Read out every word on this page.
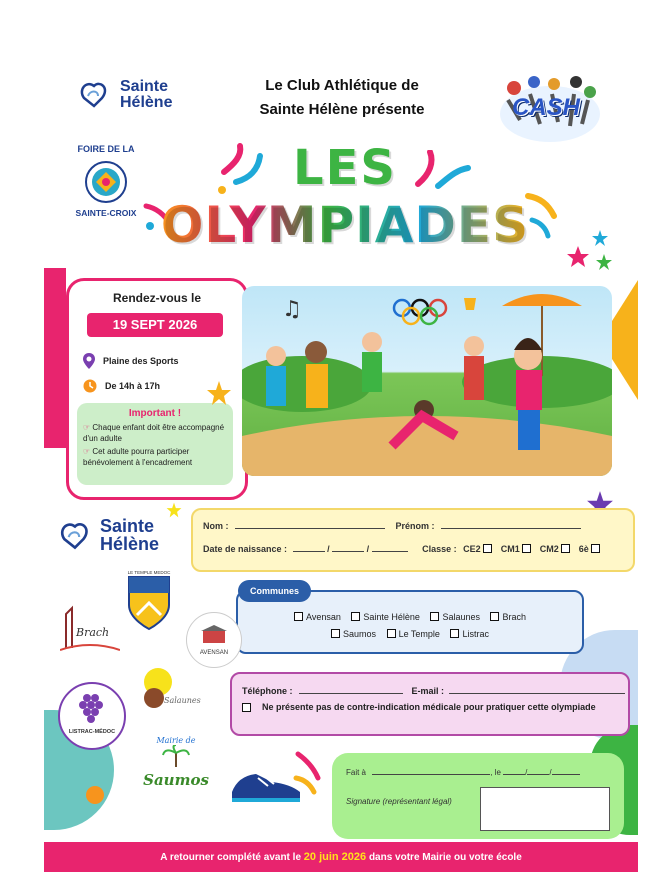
Sainte
Hélène
Le Club Athlétique de
Sainte Hélène présente	CASH
FOIRE DE LA
SAINTE-CROIX
LES
OLYMPIADES
Rendez-vous le
19 SEPT 2026
Plaine des Sports
De 14h à 17h
Important !
☞ Chaque enfant doit être accompagné d'un adulte
☞ Cet adulte pourra participer bénévolement à l'encadrement
♫
Sainte
Hélène
Nom :	Prénom :
Date de naissance :	/	/	Classe : CE2 CM1 CM2 6è
Communes
Avensan	Sainte Hélène	Salaunes	Brach
Saumos	Le Temple	Listrac
LE TEMPLE MEDOC
Brach
AVENSAN
LISTRAC-MÉDOC
Salaunes
Mairie de
Saumos
Téléphone :	E-mail :
Ne présente pas de contre-indication médicale pour pratiquer cette olympiade
Fait à	, le	/	/
Signature (représentant légal)
A retourner complété avant le
20 juin 2026
dans votre Mairie ou votre école
